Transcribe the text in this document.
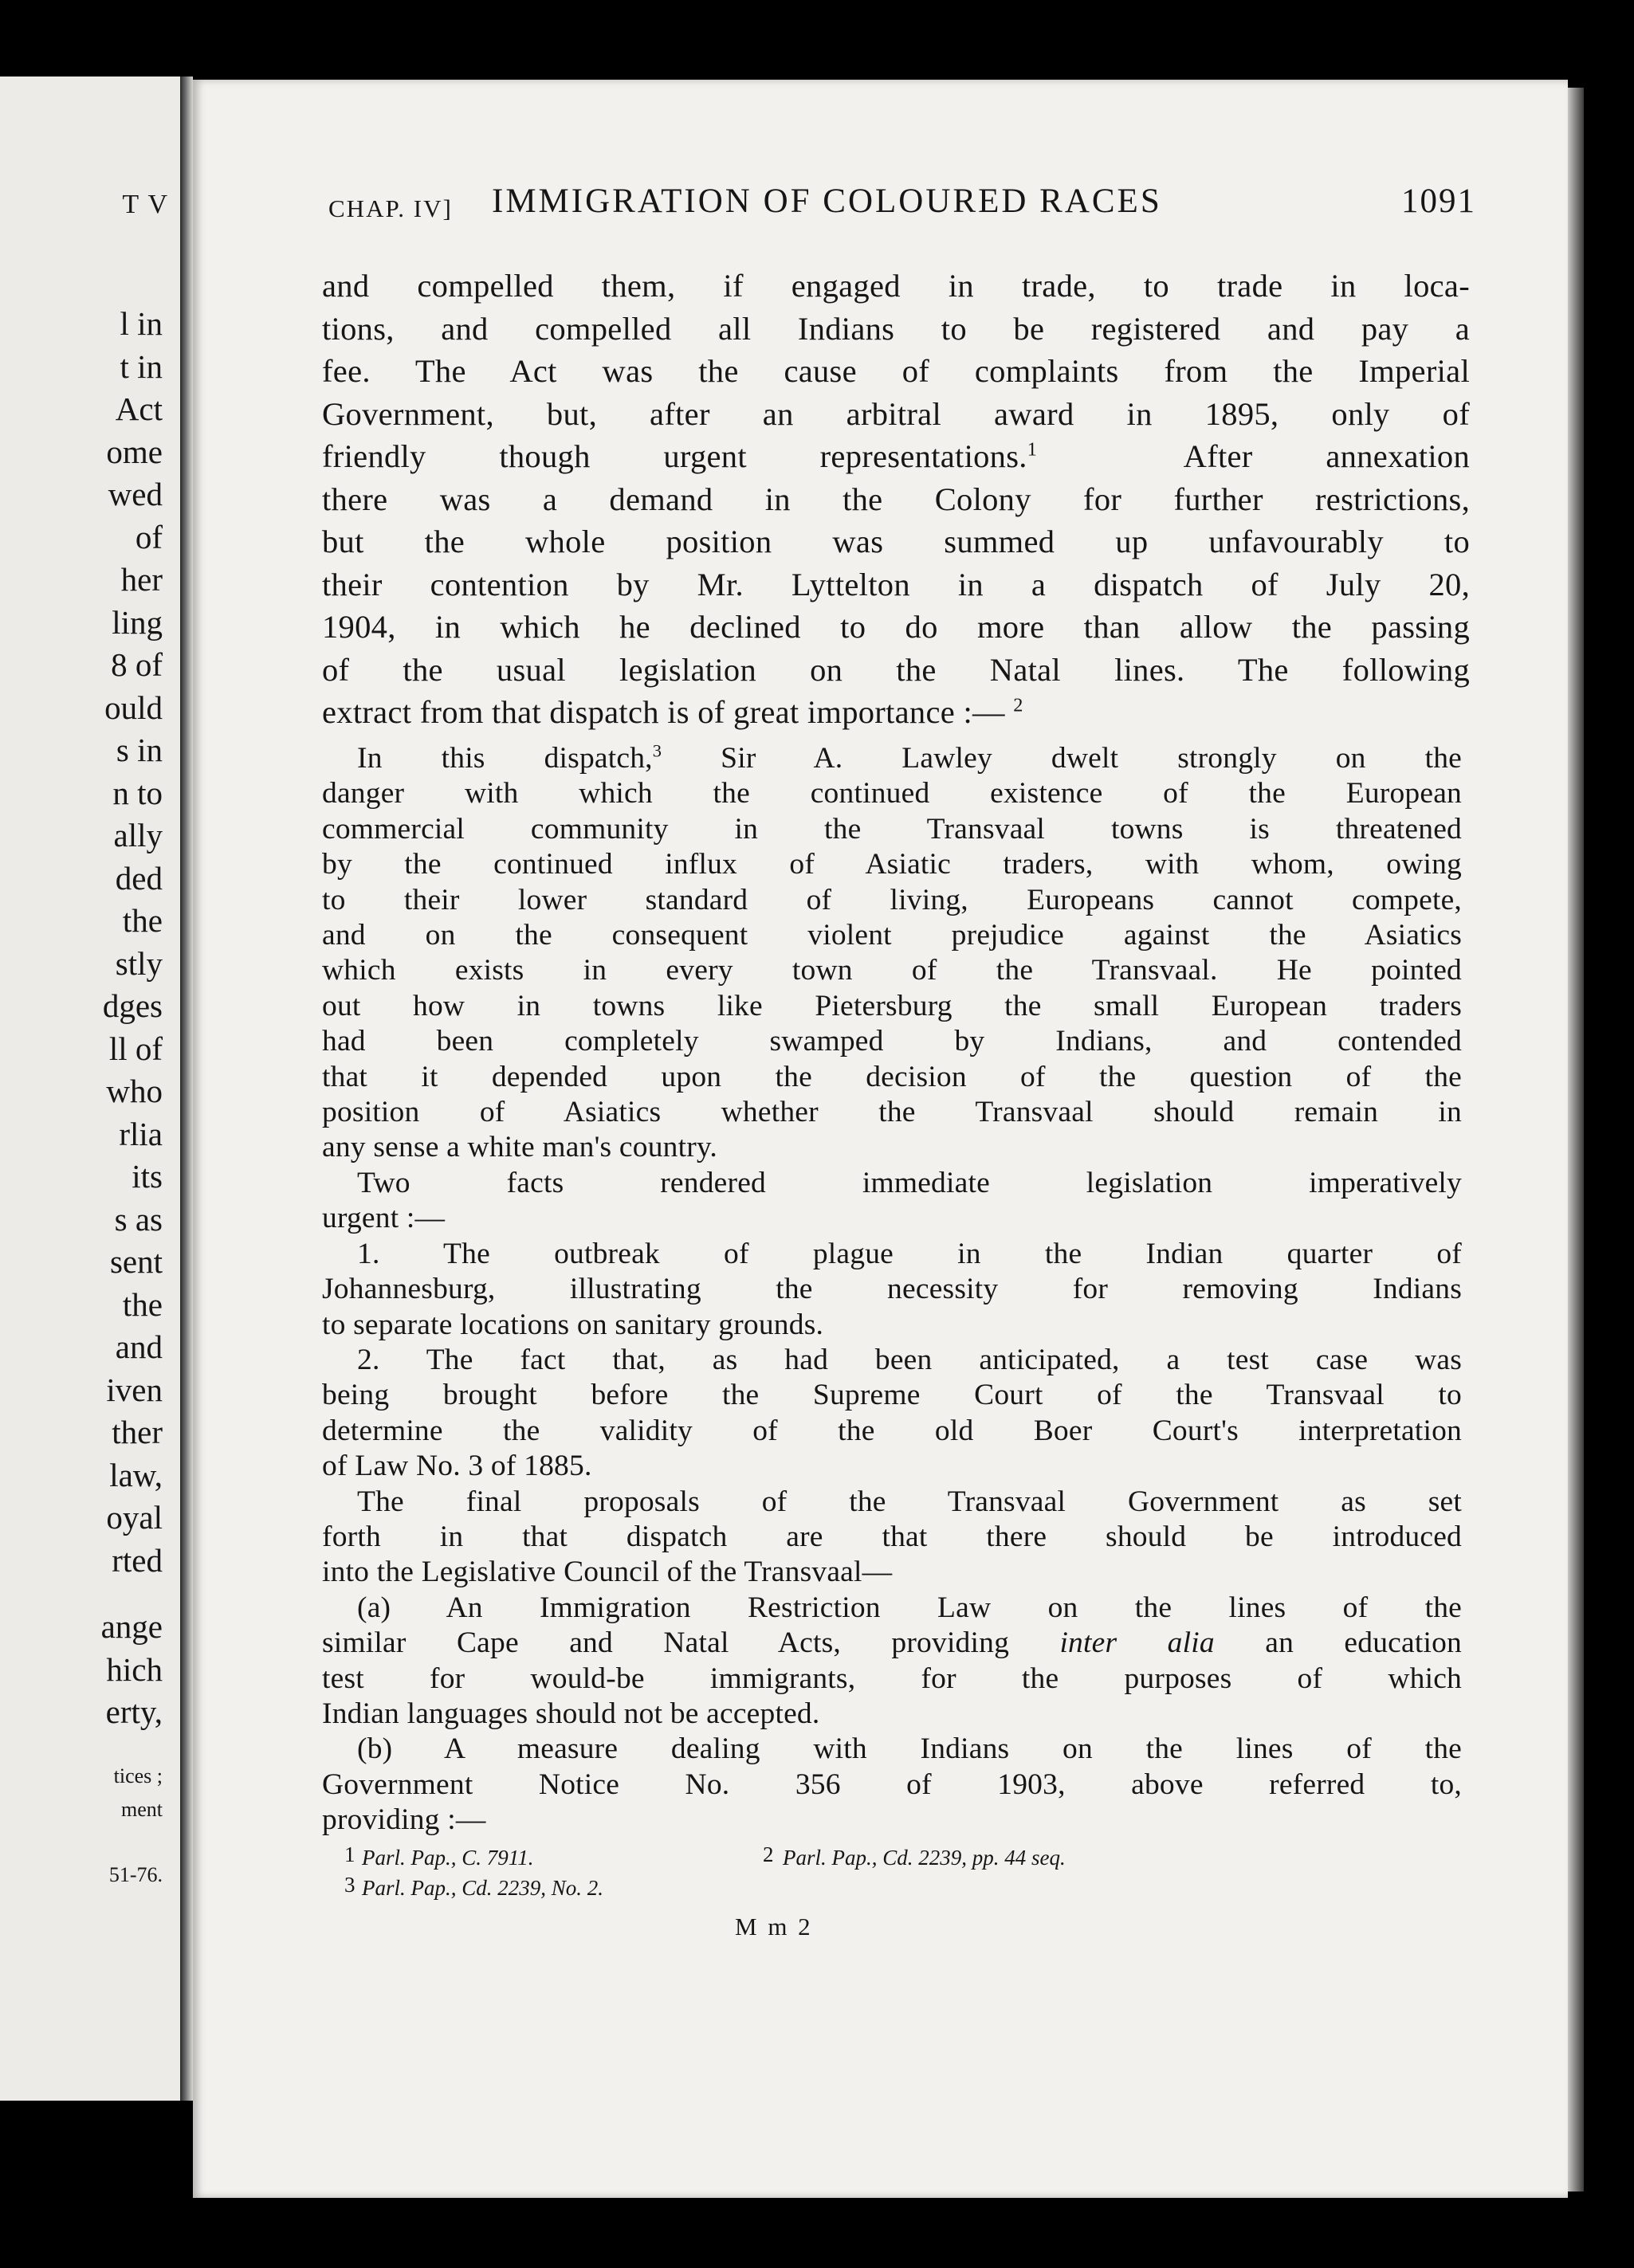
T V
l in
t in
Act
ome
wed
of
her
ling
8 of
ould
s in
n to
ally
ded
the
stly
dges
ll of
who
rlia
its
s as
sent
the
and
iven
ther
law,
oyal
rted
ange
hich
erty,
tices ;
ment
51-76.
CHAP. IV] IMMIGRATION OF COLOURED RACES	1091
and compelled them, if engaged in trade, to trade in loca-
tions, and compelled all Indians to be registered and pay a
fee. The Act was the cause of complaints from the Imperial
Government, but, after an arbitral award in 1895, only of
friendly though urgent representations.$^1$	After annexation
there was a demand in the Colony for further restrictions,
but the whole position was summed up unfavourably to
their contention by Mr. Lyttelton in a dispatch of July 20,
1904, in which he declined to do more than allow the passing
of the usual legislation on the Natal lines. The following
extract from that dispatch is of great importance :— $^2$
In this dispatch,$^3$ Sir A. Lawley dwelt strongly on the
danger with which the continued existence of the European
commercial community in the Transvaal towns is threatened
by the continued influx of Asiatic traders, with whom, owing
to their lower standard of living, Europeans cannot compete,
and on the consequent violent prejudice against the Asiatics
which exists in every town of the Transvaal. He pointed
out how in towns like Pietersburg the small European traders
had been completely swamped by Indians, and contended
that it depended upon the decision of the question of the
position of Asiatics whether the Transvaal should remain in
any sense a white man's country.
Two facts rendered immediate legislation imperatively
urgent :—
1. The outbreak of plague in the Indian quarter of
Johannesburg, illustrating the necessity for removing Indians
to separate locations on sanitary grounds.
2. The fact that, as had been anticipated, a test case was
being brought before the Supreme Court of the Transvaal to
determine the validity of the old Boer Court's interpretation
of Law No. 3 of 1885.
The final proposals of the Transvaal Government as set
forth in that dispatch are that there should be introduced
into the Legislative Council of the Transvaal—
(a) An Immigration Restriction Law on the lines of the
similar Cape and Natal Acts, providing inter alia an education
test for would-be immigrants, for the purposes of which
Indian languages should not be accepted.
(b) A measure dealing with Indians on the lines of the
Government Notice No. 356 of 1903, above referred to,
providing :—
1 Parl. Pap., C. 7911.	2 Parl. Pap., Cd. 2239, pp. 44 seq.
3 Parl. Pap., Cd. 2239, No. 2.
M m 2
